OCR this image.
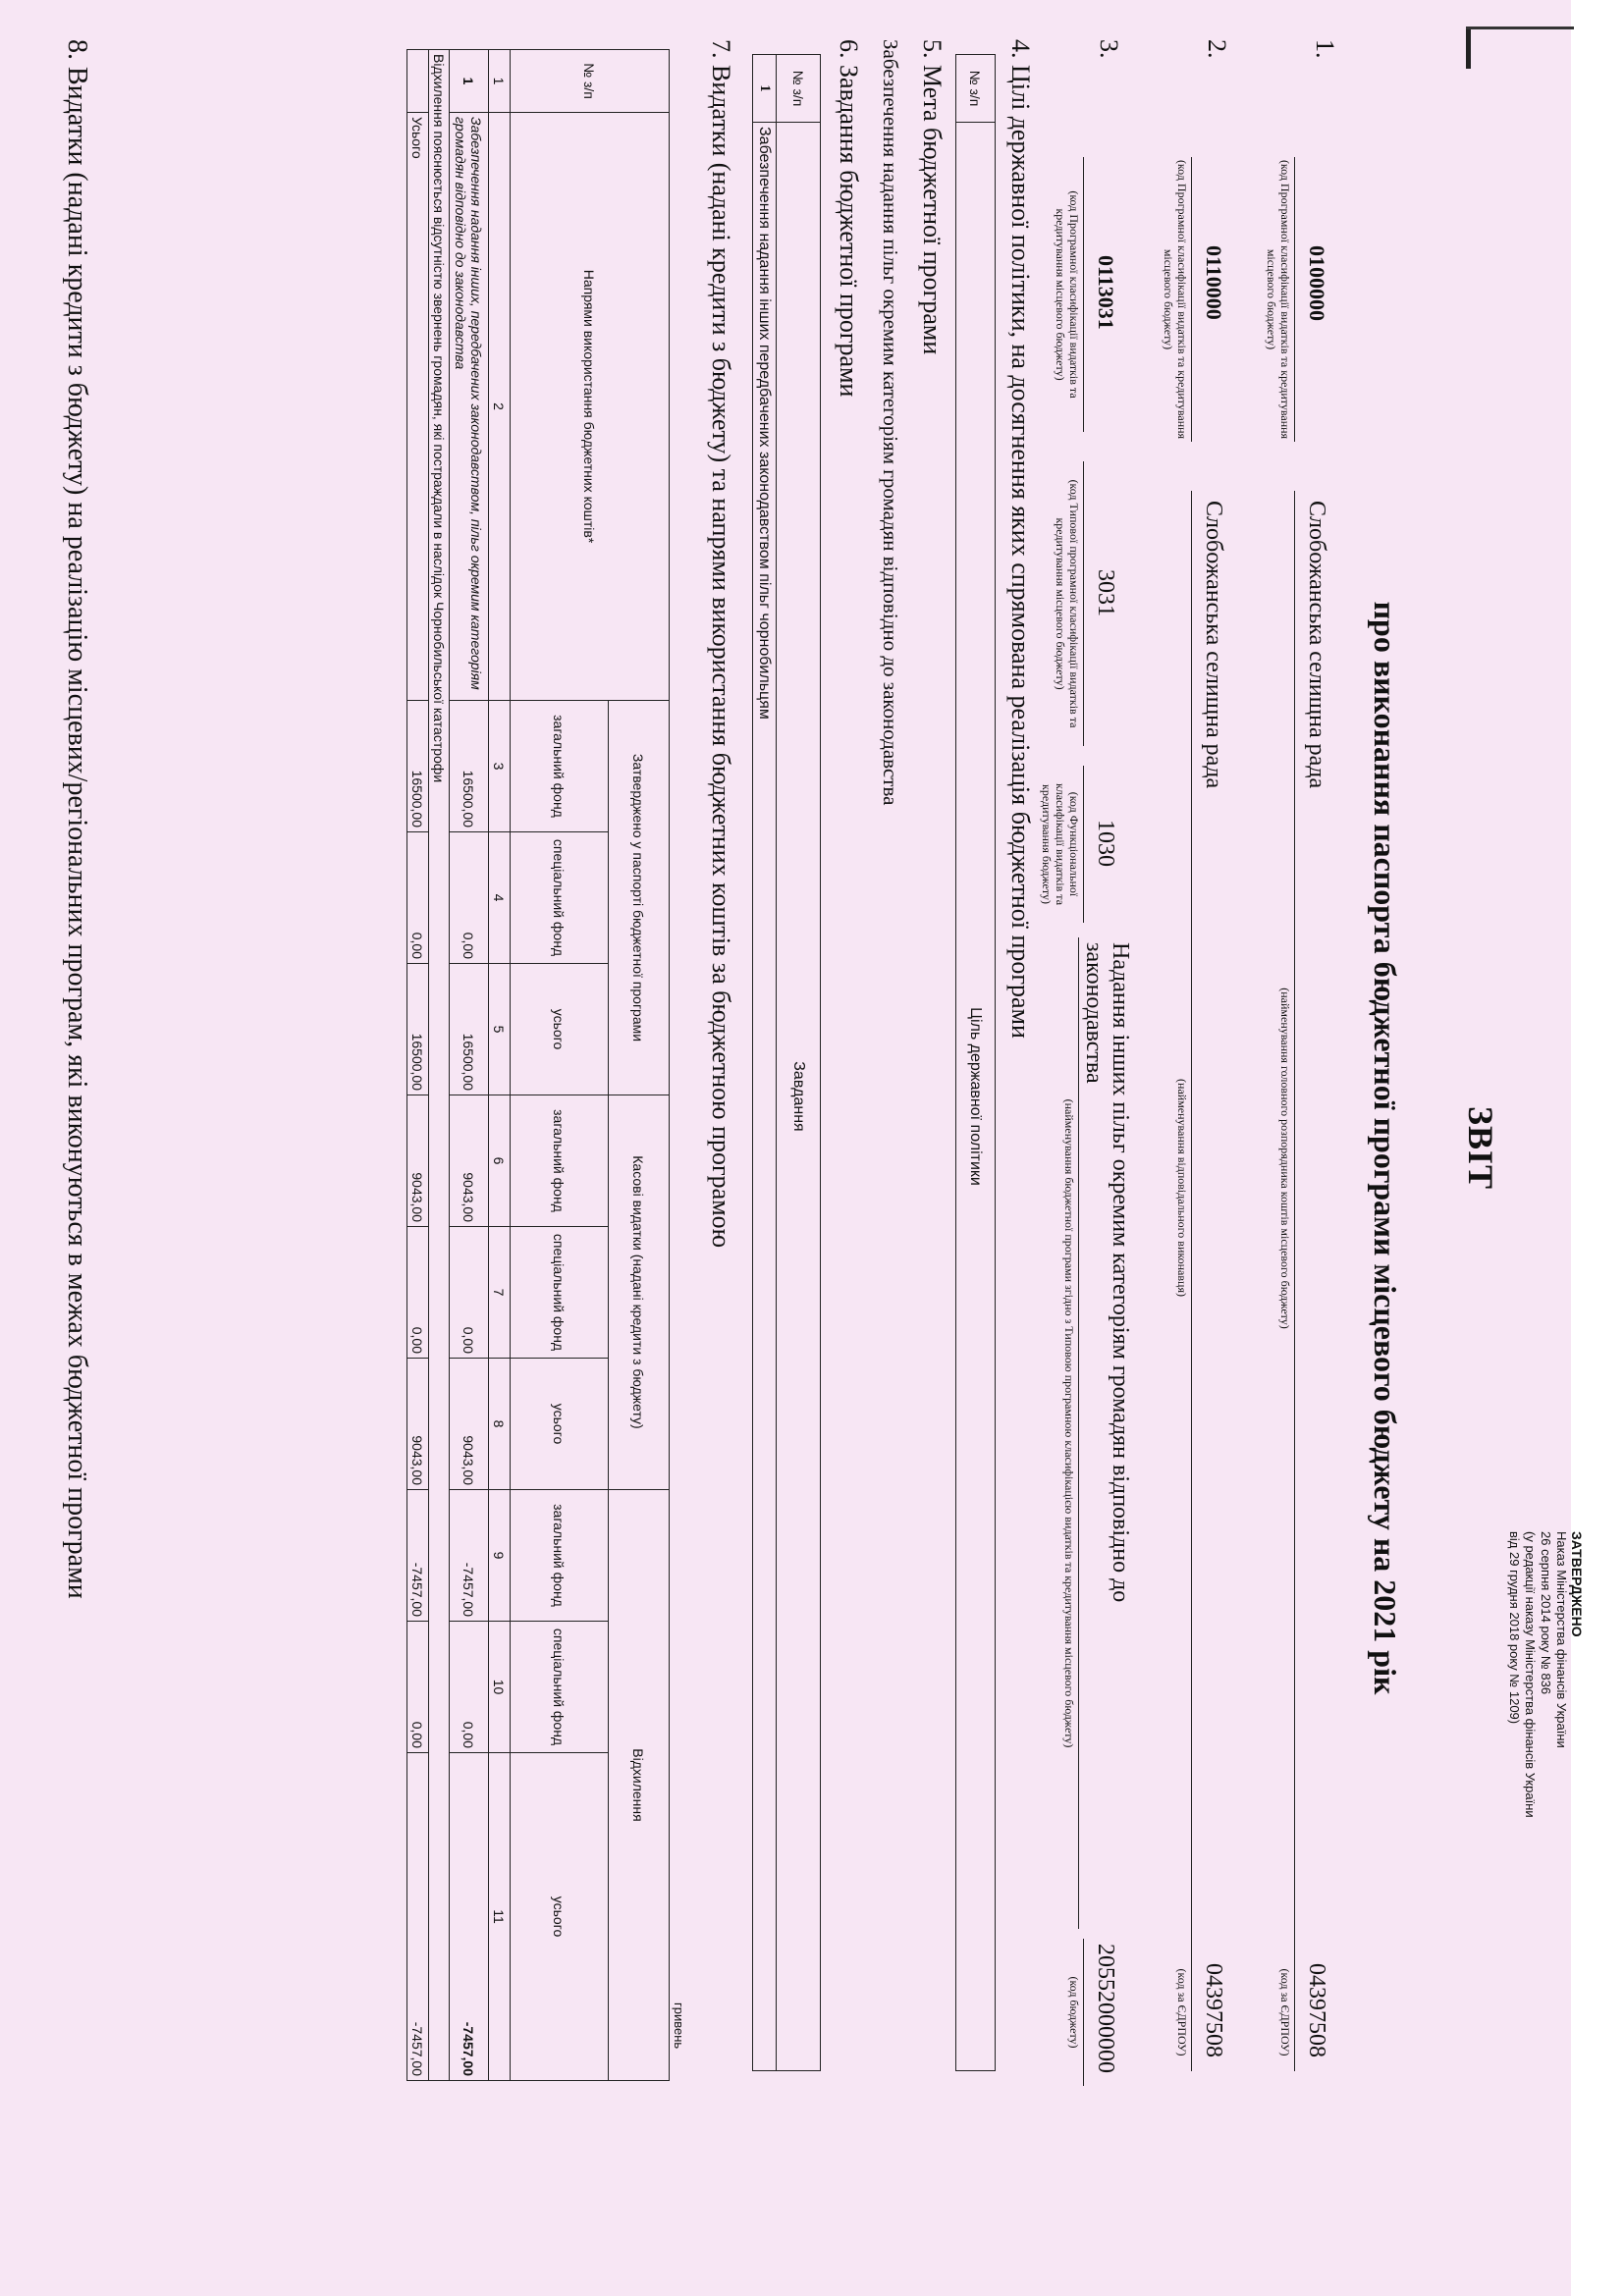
ЗАТВЕРДЖЕНО
Наказ Міністерства фінансів України
26 серпня 2014 року № 836
(у редакції наказу Міністерства фінансів України
від 29 грудня 2018 року № 1209)
ЗВІТ
про виконання паспорта бюджетної програми місцевого бюджету на 2021 рік
1.
0100000
(код Програмної класифікації видатків та кредитування місцевого бюджету)
Слобожанська селищна рада
(найменування головного розпорядника коштів місцевого бюджету)
04397508
(код за ЄДРПОУ)
2.
0110000
(код Програмної класифікації видатків та кредитування місцевого бюджету)
Слобожанська селищна рада
(найменування відповідального виконавця)
04397508
(код за ЄДРПОУ)
3.
0113031
(код Програмної класифікації видатків та кредитування місцевого бюджету)
3031
(код Типової програмної класифікації видатків та кредитування місцевого бюджету)
1030
(код Функціональної класифікації видатків та кредитування бюджету)
Надання інших пільг окремим категоріям громадян відповідно до
законодавства
(найменування бюджетної програми згідно з Типовою програмною класифікацією видатків та кредитування місцевого бюджету)
20552000000
(код бюджету)
4. Цілі державної політики, на досягнення яких спрямована реалізація бюджетної програми
№ з/п	Ціль державної політики
5. Мета бюджетної програми
Забезпечення надання пільг окремим категоріям громадян відповідно до законодавства
6. Завдання бюджетної програми
№ з/п	Завдання
1	Забезпечення надання інших передбачених законодавством пільг чорнобильцям
7. Видатки (надані кредити з бюджету) та напрями використання бюджетних коштів за бюджетною програмою
гривень
№ з/п	Напрями використання бюджетних коштів*	Затверджено у паспорті бюджетної програми			Касові видатки (надані кредити з бюджету)			Відхилення		
		загальний фонд	спеціальний фонд	усього	загальний фонд	спеціальний фонд	усього	загальний фонд	спеціальний фонд	усього
1	2	3	4	5	6	7	8	9	10	11
1	Забезпечення надання інших, передбачених законодавством, пільг окремим категоріям громадян відповідно до законодавства	16500,00	0,00	16500,00	9043,00	0,00	9043,00	-7457,00	0,00	-7457,00
Відхилення пояснюється відсутністю звернень громадян, які постраждали в наслідок Чорнобильської катастрофи										
	Усього	16500,00	0,00	16500,00	9043,00	0,00	9043,00	-7457,00	0,00	-7457,00
8. Видатки (надані кредити з бюджету) на реалізацію місцевих/регіональних програм, які виконуються в межах бюджетної програми
